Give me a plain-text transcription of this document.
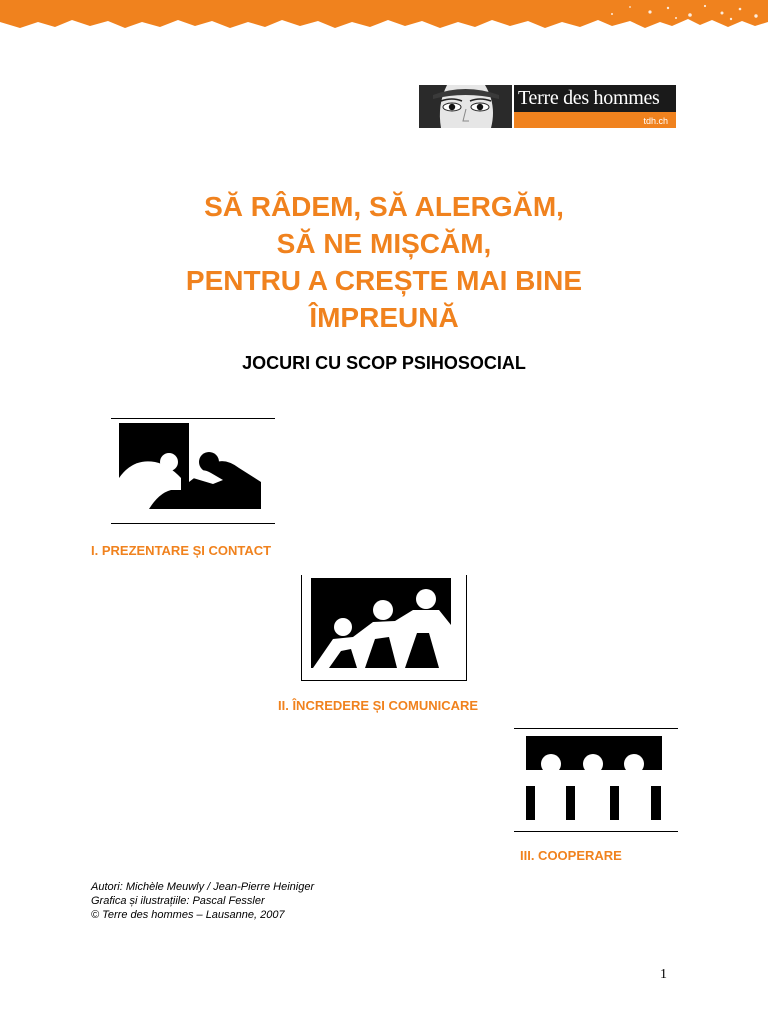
Terre des hommes
tdh.ch
SĂ RÂDEM, SĂ ALERGĂM,
SĂ NE MIȘCĂM,
PENTRU A CREȘTE MAI BINE
ÎMPREUNĂ
JOCURI CU SCOP PSIHOSOCIAL
I. PREZENTARE ȘI CONTACT
II. ÎNCREDERE ȘI COMUNICARE
III. COOPERARE
Autori: Michèle Meuwly / Jean-Pierre Heiniger
Grafica și ilustrațiile: Pascal Fessler
© Terre des hommes – Lausanne, 2007
1
